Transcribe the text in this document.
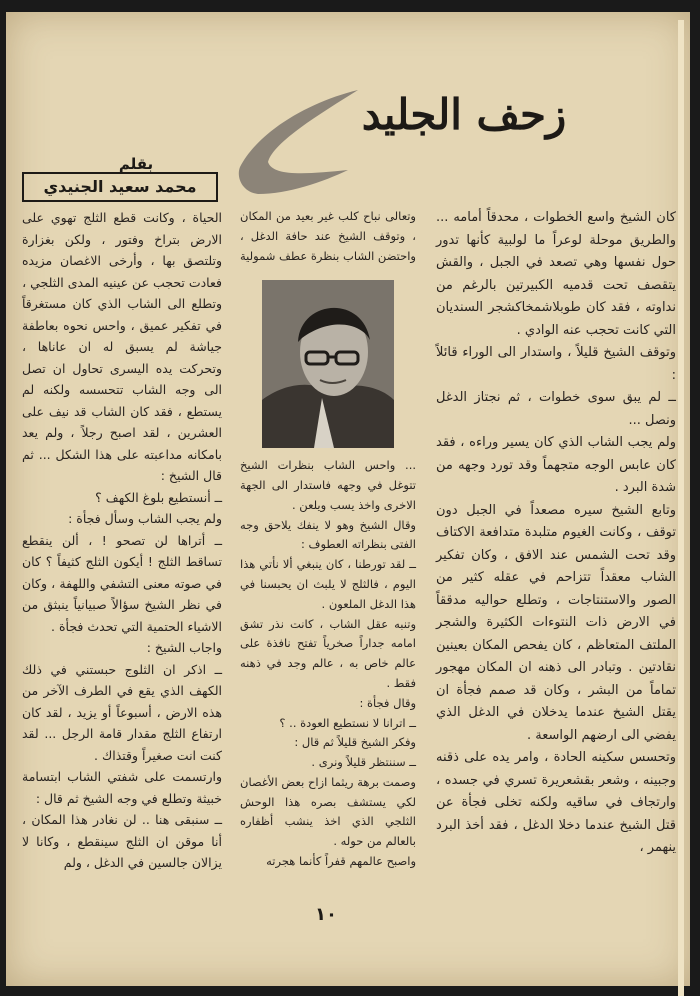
زحف الجليد
بقلم
محمد سعيد الجنيدي

كان الشيخ واسع الخطوات ، محدقاً أمامه ... والطريق موحلة لوعراً ما لولبية كأنها تدور حول نفسها وهي تصعد في الجبل ، والقش يتقصف تحت قدميه الكبيرتين بالرغم من نداوته ، فقد كان طوبلاشمخاكشجر السنديان التي كانت تحجب عنه الوادي .

وتوقف الشيخ قليلاً ، واستدار الى الوراء قائلاً :

ــ لم يبق سوى خطوات ، ثم نجتاز الدغل ونصل ...

ولم يجب الشاب الذي كان يسير وراءه ، فقد كان عابس الوجه متجهماً وقد تورد وجهه من شدة البرد .

وتابع الشيخ سيره مصعداً في الجبل دون توقف ، وكانت الغيوم متلبدة متدافعة الاكتاف وقد تحت الشمس عند الافق ، وكان تفكير الشاب معقداً تتزاحم في عقله كثير من الصور والاستنتاجات ، وتطلع حواليه مدققاً في الارض ذات النتوءات الكثيرة والشجر الملتف المتعاظم ، كان يفحص المكان بعينين نقادتين . وتبادر الى ذهنه ان المكان مهجور تماماً من البشر ، وكان قد صمم فجأة ان يقتل الشيخ عندما يدخلان في الدغل الذي يفضي الى ارضهم الواسعة .

وتحسس سكينه الحادة ، وامر يده على ذقنه وجبينه ، وشعر بقشعريرة تسري في جسده ، وارتجاف في ساقيه ولكنه تخلى فجأة عن قتل الشيخ عندما دخلا الدغل ، فقد أخذ البرد ينهمر ،

وتعالى نباح كلب غير بعيد من المكان ، وتوقف الشيخ عند حافة الدغل ، واحتضن الشاب بنظرة عطف شمولية

... واحس الشاب بنظرات الشيخ تتوغل في وجهه فاستدار الى الجهة الاخرى واخذ يسب ويلعن .

وقال الشيخ وهو لا ينفك يلاحق وجه الفتى بنظراته العطوف :

ــ لقد تورطنا ، كان ينبغي ألا نأتي هذا اليوم ، فالثلج لا يلبث ان يحبسنا في هذا الدغل الملعون .

وتنبه عقل الشاب ، كانت نذر تشق امامه جداراً صخرياً تفتح نافذة على عالم خاص به ، عالم وجد في ذهنه فقط .

وقال فجأة :

ــ اترانا لا نستطيع العودة .. ؟

وفكر الشيخ قليلاً ثم قال :

ــ سننتظر قليلاً ونرى .

وصمت برهة ريثما ازاح بعض الأغصان لكي يستشف بصره هذا الوحش الثلجي الذي اخذ ينشب أظفاره بالعالم من حوله .

واصبح عالمهم قفراً كأنما هجرته

الحياة ، وكانت قطع الثلج تهوي على الارض بتراخ وفتور ، ولكن بغزارة وتلتصق بها ، وأرخى الاغصان مزيده فعادت تحجب عن عينيه المدى الثلجي ،

وتطلع الى الشاب الذي كان مستغرقاً في تفكير عميق ، واحس نحوه بعاطفة جياشة لم يسبق له ان عاناها ، وتحركت يده اليسرى تحاول ان تصل الى وجه الشاب تتحسسه ولكنه لم يستطع ، فقد كان الشاب قد نيف على العشرين ، لقد اصبح رجلاً ، ولم يعد بامكانه مداعبته على هذا الشكل ... ثم قال الشيخ :

ــ أنستطيع بلوغ الكهف ؟

ولم يجب الشاب وسأل فجأة :

ــ أتراها لن تصحو ! ، ألن ينقطع تساقط الثلج ! أيكون الثلج كثيفاً ؟ كان في صوته معنى التشفي واللهفة ، وكان في نظر الشيخ سؤالاً صبيانياً ينبثق من الاشياء الحتمية التي تحدث فجأة .

واجاب الشيخ :

ــ اذكر ان الثلوج حبستني في ذلك الكهف الذي يقع في الطرف الآخر من هذه الارض ، أسبوعاً أو يزيد ، لقد كان ارتفاع الثلج مقدار قامة الرجل ... لقد كنت انت صغيراً وقتذاك .

وارتسمت على شفتي الشاب ابتسامة خبيثة وتطلع في وجه الشيخ ثم قال :

ــ سنبقى هنا .. لن نغادر هذا المكان ، أنا موقن ان الثلج سينقطع ، وكانا لا يزالان جالسين في الدغل ، ولم

١٠
